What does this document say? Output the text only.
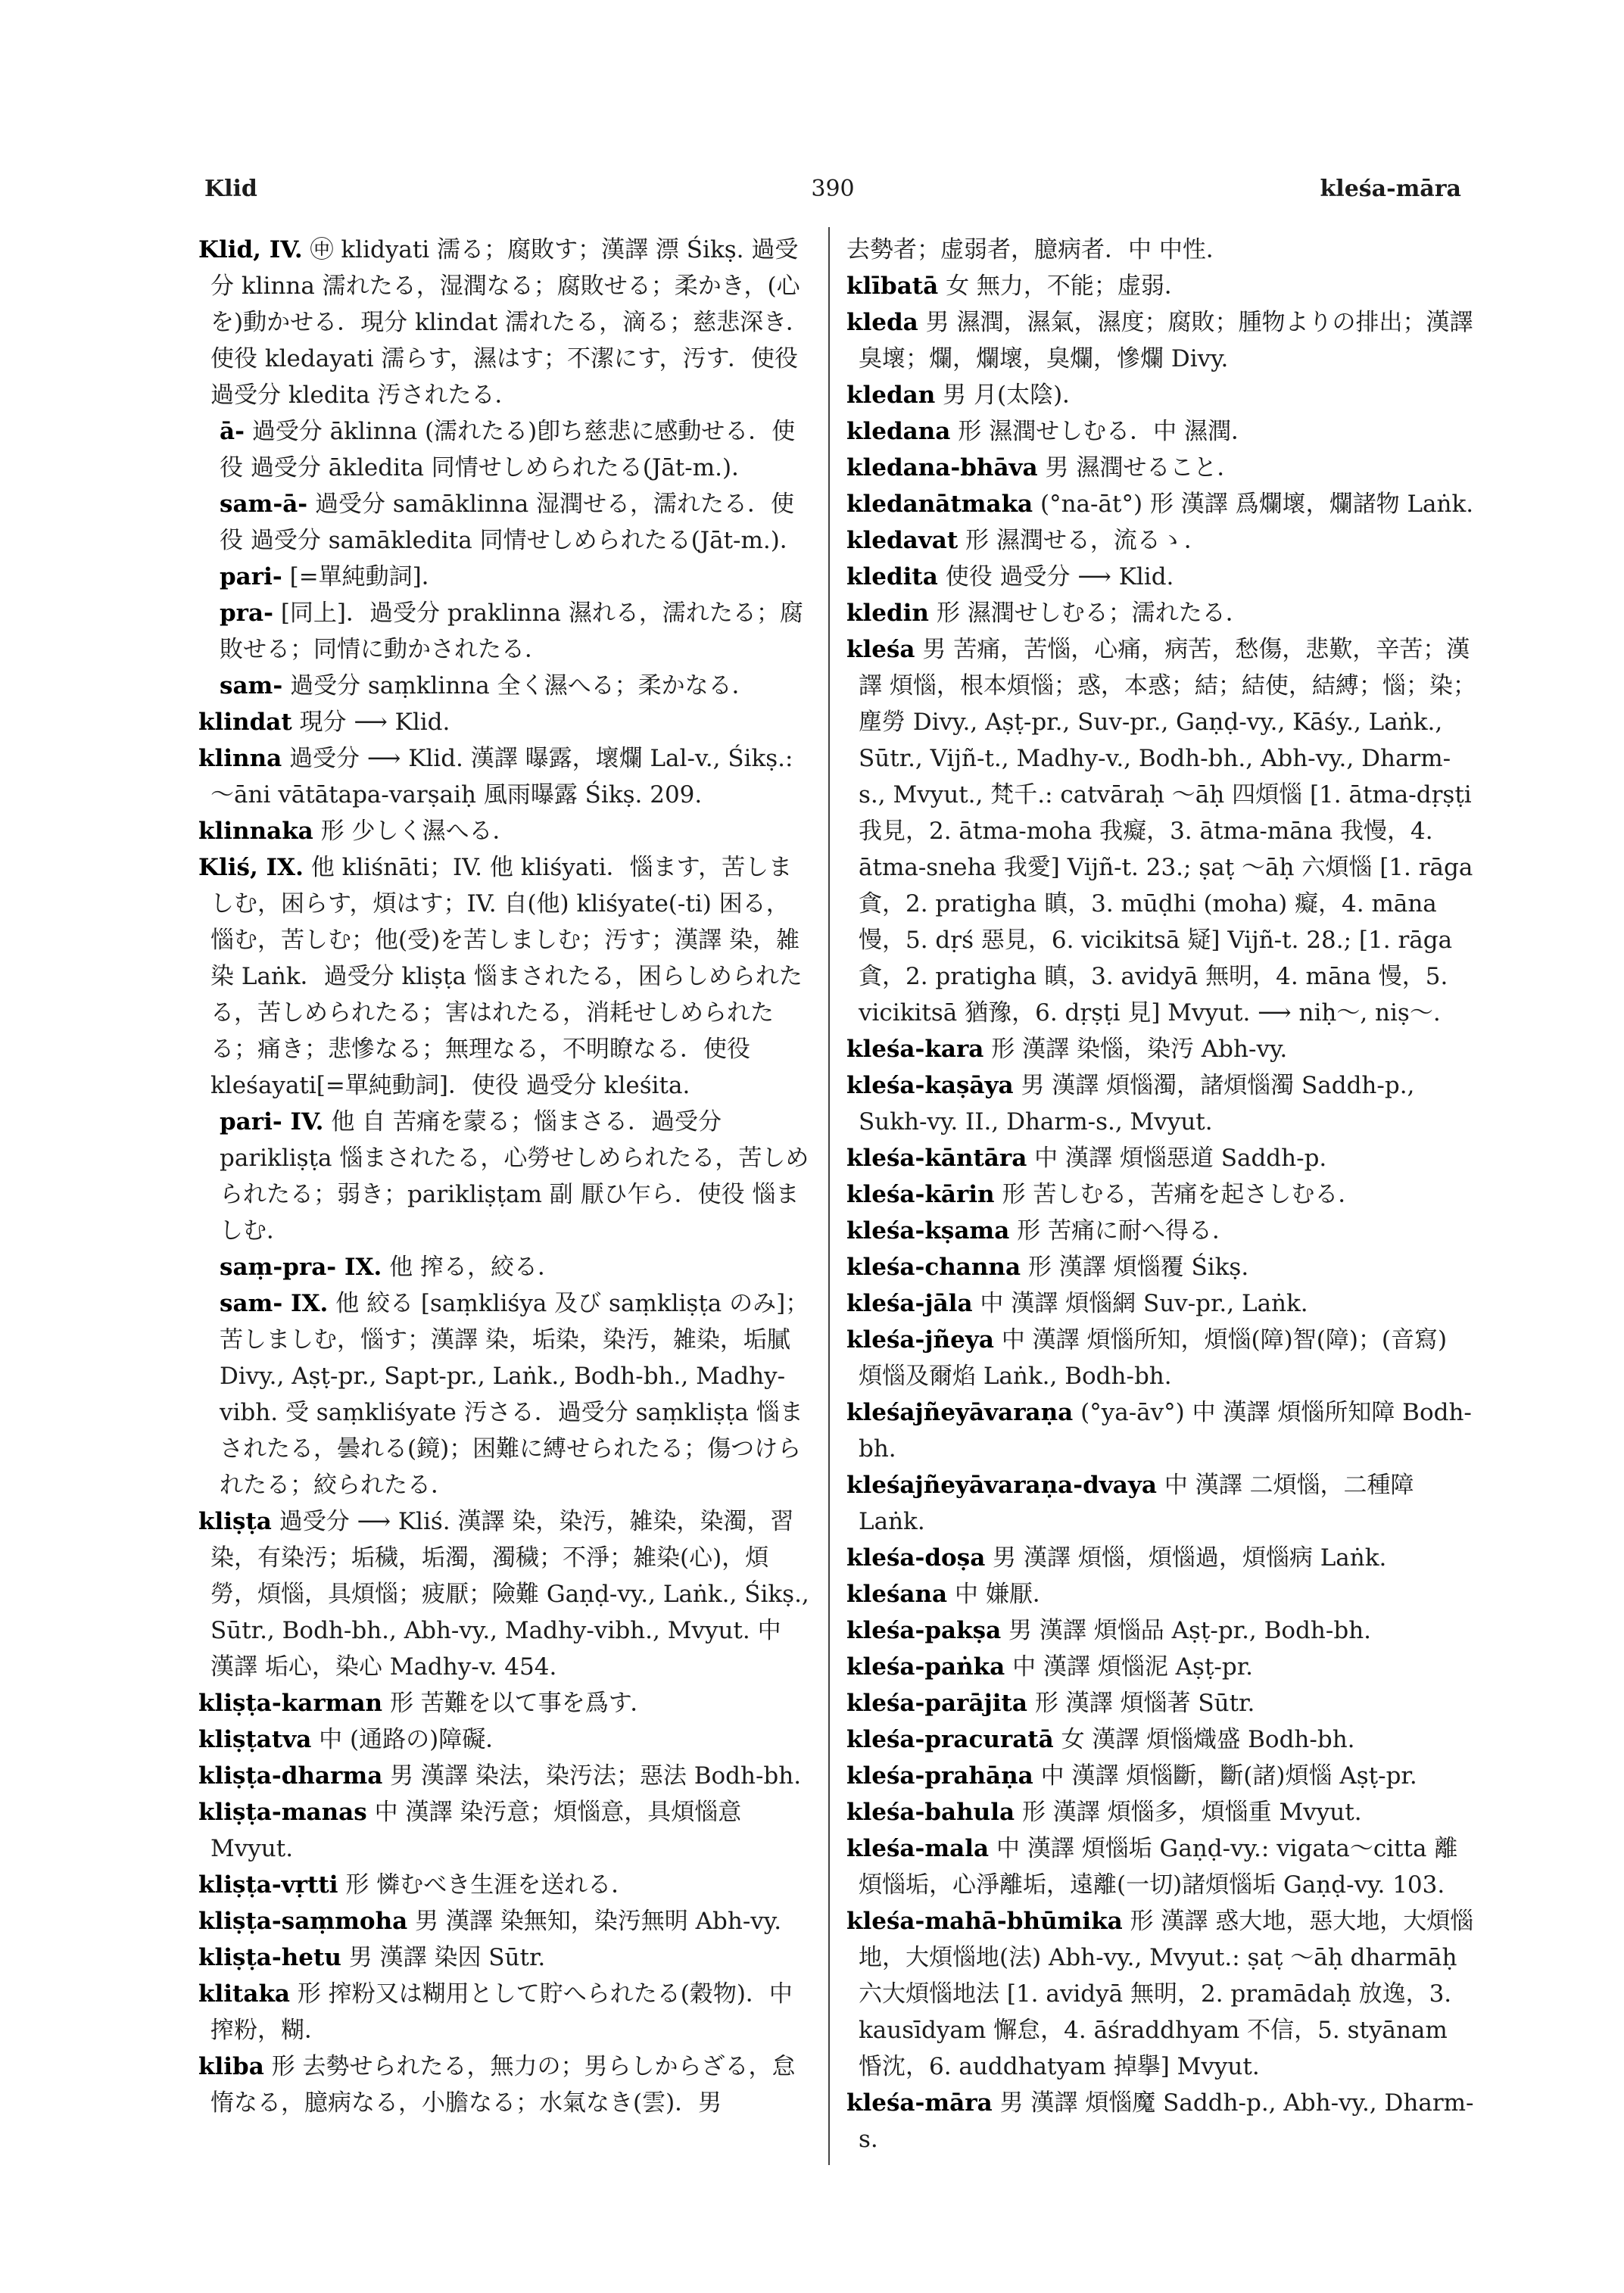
Klid	390	kleśa-māra
Klid, IV. ㊥ klidyati 濡る；腐敗す；漢譯 漂 Śikṣ. 過受分 klinna 濡れたる，湿潤なる；腐敗せる；柔かき，(心を)動かせる．現分 klindat 濡れたる，滴る；慈悲深き．使役 kledayati 濡らす，濕はす；不潔にす，汚す．使役 過受分 kledita 汚されたる．
ā- 過受分 āklinna (濡れたる)卽ち慈悲に感動せる．使役 過受分 ākledita 同情せしめられたる(Jāt-m.)．
sam-ā- 過受分 samāklinna 湿潤せる，濡れたる．使役 過受分 samākledita 同情せしめられたる(Jāt-m.)．
pari- [=單純動詞]．
pra- [同上]．過受分 praklinna 濕れる，濡れたる；腐敗せる；同情に動かされたる．
sam- 過受分 saṃklinna 全く濕へる；柔かなる．
klindat 現分 ⟶ Klid.
klinna 過受分 ⟶ Klid. 漢譯 曝露，壞爛 Lal-v., Śikṣ.: 〜āni vātātapa-varṣaiḥ 風雨曝露 Śikṣ. 209.
klinnaka 形 少しく濕へる．
Kliś, IX. 他 kliśnāti；IV. 他 kliśyati．惱ます，苦しましむ，困らす，煩はす；IV. 自(他) kliśyate(-ti) 困る，惱む，苦しむ；他(受)を苦しましむ；汚す；漢譯 染，雑染 Laṅk．過受分 kliṣṭa 惱まされたる，困らしめられたる，苦しめられたる；害はれたる，消耗せしめられたる；痛き；悲慘なる；無理なる，不明瞭なる．使役 kleśayati[=單純動詞]．使役 過受分 kleśita.
pari- IV. 他 自 苦痛を蒙る；惱まさる．過受分 parikliṣṭa 惱まされたる，心勞せしめられたる，苦しめられたる；弱き；parikliṣṭam 副 厭ひ乍ら．使役 惱ましむ．
saṃ-pra- IX. 他 搾る，絞る．
sam- IX. 他 絞る [saṃkliśya 及び saṃkliṣṭa のみ]；苦しましむ，惱す；漢譯 染，垢染，染汚，雑染，垢膩 Divy., Aṣṭ-pr., Sapt-pr., Laṅk., Bodh-bh., Madhy-vibh. 受 saṃkliśyate 汚さる．過受分 saṃkliṣṭa 惱まされたる，曇れる(鏡)；困難に縛せられたる；傷つけられたる；絞られたる．
kliṣṭa 過受分 ⟶ Kliś. 漢譯 染，染汚，雑染，染濁，習染，有染汚；垢穢，垢濁，濁穢；不淨；雑染(心)，煩勞，煩惱，具煩惱；疲厭；險難 Gaṇḍ-vy., Laṅk., Śikṣ., Sūtr., Bodh-bh., Abh-vy., Madhy-vibh., Mvyut. 中 漢譯 垢心，染心 Madhy-v. 454.
kliṣṭa-karman 形 苦難を以て事を爲す．
kliṣṭatva 中 (通路の)障礙．
kliṣṭa-dharma 男 漢譯 染法，染汚法；惡法 Bodh-bh.
kliṣṭa-manas 中 漢譯 染汚意；煩惱意，具煩惱意 Mvyut.
kliṣṭa-vṛtti 形 憐むべき生涯を送れる．
kliṣṭa-saṃmoha 男 漢譯 染無知，染汚無明 Abh-vy.
kliṣṭa-hetu 男 漢譯 染因 Sūtr.
klitaka 形 搾粉又は糊用として貯へられたる(穀物)．中 搾粉，糊．
kliba 形 去勢せられたる，無力の；男らしからざる，怠惰なる，臆病なる，小膽なる；水氣なき(雲)．男
去勢者；虚弱者，臆病者．中 中性．
klībatā 女 無力，不能；虚弱．
kleda 男 濕潤，濕氣，濕度；腐敗；腫物よりの排出；漢譯 臭壞；爛，爛壞，臭爛，慘爛 Divy.
kledan 男 月(太陰)．
kledana 形 濕潤せしむる．中 濕潤．
kledana-bhāva 男 濕潤せること．
kledanātmaka (°na-āt°) 形 漢譯 爲爛壞，爛諸物 Laṅk.
kledavat 形 濕潤せる，流るゝ．
kledita 使役 過受分 ⟶ Klid.
kledin 形 濕潤せしむる；濡れたる．
kleśa 男 苦痛，苦惱，心痛，病苦，愁傷，悲歎，辛苦；漢譯 煩惱，根本煩惱；惑，本惑；結；結使，結縛；惱；染；塵勞 Divy., Aṣṭ-pr., Suv-pr., Gaṇḍ-vy., Kāśy., Laṅk., Sūtr., Vijñ-t., Madhy-v., Bodh-bh., Abh-vy., Dharm-s., Mvyut., 梵千.: catvāraḥ 〜āḥ 四煩惱 [1. ātma-dṛṣṭi 我見，2. ātma-moha 我癡，3. ātma-māna 我慢，4. ātma-sneha 我愛] Vijñ-t. 23.; ṣaṭ 〜āḥ 六煩惱 [1. rāga 貪，2. pratigha 瞋，3. mūḍhi (moha) 癡，4. māna 慢，5. dṛś 惡見，6. vicikitsā 疑] Vijñ-t. 28.; [1. rāga 貪，2. pratigha 瞋，3. avidyā 無明，4. māna 慢，5. vicikitsā 猶豫，6. dṛṣṭi 見] Mvyut. ⟶ niḥ〜, niṣ〜.
kleśa-kara 形 漢譯 染惱，染汚 Abh-vy.
kleśa-kaṣāya 男 漢譯 煩惱濁，諸煩惱濁 Saddh-p., Sukh-vy. II., Dharm-s., Mvyut.
kleśa-kāntāra 中 漢譯 煩惱惡道 Saddh-p.
kleśa-kārin 形 苦しむる，苦痛を起さしむる．
kleśa-kṣama 形 苦痛に耐へ得る．
kleśa-channa 形 漢譯 煩惱覆 Śikṣ.
kleśa-jāla 中 漢譯 煩惱網 Suv-pr., Laṅk.
kleśa-jñeya 中 漢譯 煩惱所知，煩惱(障)智(障)；(音寫) 煩惱及爾焰 Laṅk., Bodh-bh.
kleśajñeyāvaraṇa (°ya-āv°) 中 漢譯 煩惱所知障 Bodh-bh.
kleśajñeyāvaraṇa-dvaya 中 漢譯 二煩惱，二種障 Laṅk.
kleśa-doṣa 男 漢譯 煩惱，煩惱過，煩惱病 Laṅk.
kleśana 中 嫌厭．
kleśa-pakṣa 男 漢譯 煩惱品 Aṣṭ-pr., Bodh-bh.
kleśa-paṅka 中 漢譯 煩惱泥 Aṣṭ-pr.
kleśa-parājita 形 漢譯 煩惱著 Sūtr.
kleśa-pracuratā 女 漢譯 煩惱熾盛 Bodh-bh.
kleśa-prahāṇa 中 漢譯 煩惱斷，斷(諸)煩惱 Aṣṭ-pr.
kleśa-bahula 形 漢譯 煩惱多，煩惱重 Mvyut.
kleśa-mala 中 漢譯 煩惱垢 Gaṇḍ-vy.: vigata〜citta 離煩惱垢，心淨離垢，遠離(一切)諸煩惱垢 Gaṇḍ-vy. 103.
kleśa-mahā-bhūmika 形 漢譯 惑大地，惡大地，大煩惱地，大煩惱地(法) Abh-vy., Mvyut.: ṣaṭ 〜āḥ dharmāḥ 六大煩惱地法 [1. avidyā 無明，2. pramādaḥ 放逸，3. kausīdyam 懈怠，4. āśraddhyam 不信，5. styānam 惛沈，6. auddhatyam 掉擧] Mvyut.
kleśa-māra 男 漢譯 煩惱魔 Saddh-p., Abh-vy., Dharm-s.
